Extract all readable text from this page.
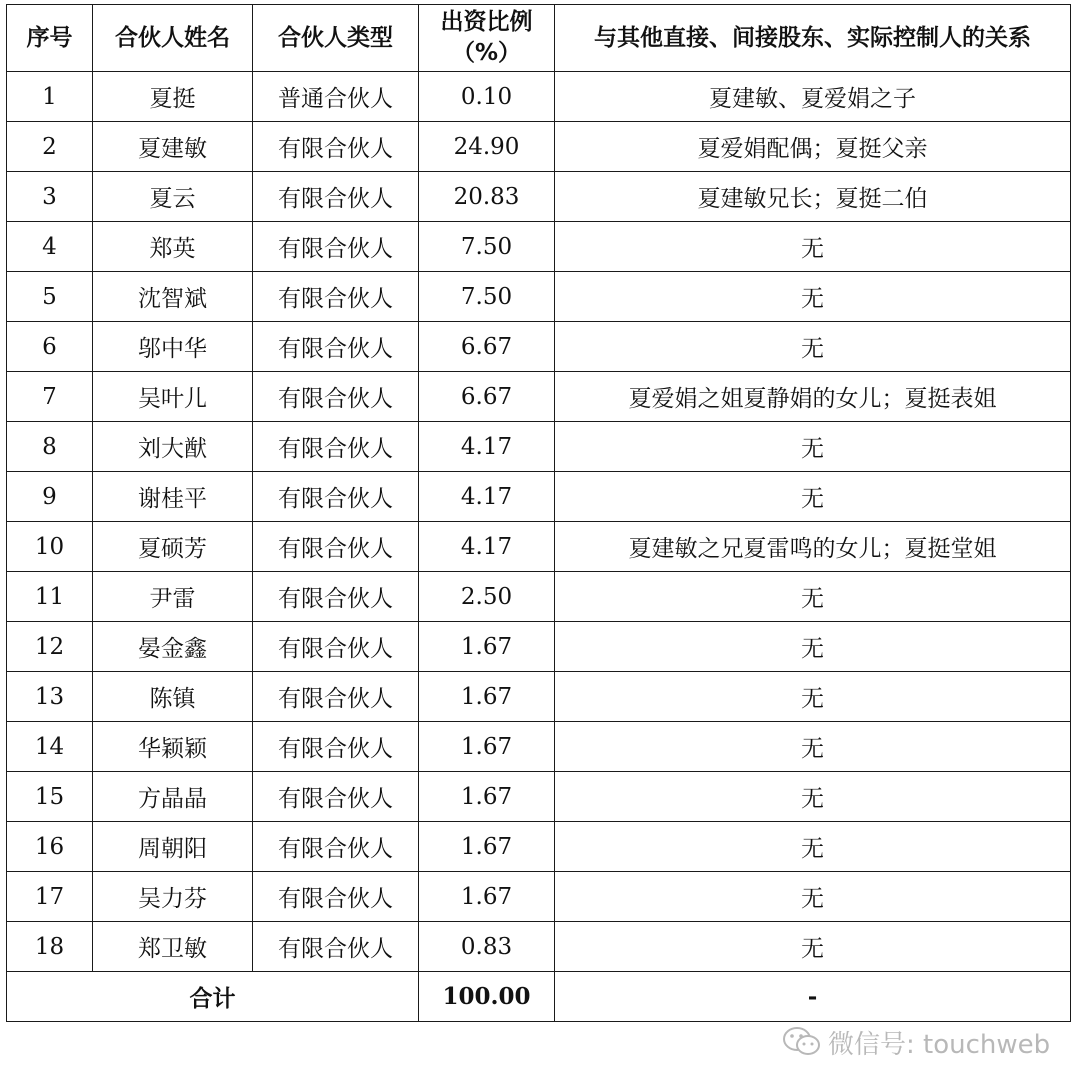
序号	合伙人姓名	合伙人类型	出资比例（%）	与其他直接、间接股东、实际控制人的关系
1	夏挺	普通合伙人	0.10	夏建敏、夏爱娟之子
2	夏建敏	有限合伙人	24.90	夏爱娟配偶；夏挺父亲
3	夏云	有限合伙人	20.83	夏建敏兄长；夏挺二伯
4	郑英	有限合伙人	7.50	无
5	沈智斌	有限合伙人	7.50	无
6	邬中华	有限合伙人	6.67	无
7	吴叶儿	有限合伙人	6.67	夏爱娟之姐夏静娟的女儿；夏挺表姐
8	刘大猷	有限合伙人	4.17	无
9	谢桂平	有限合伙人	4.17	无
10	夏硕芳	有限合伙人	4.17	夏建敏之兄夏雷鸣的女儿；夏挺堂姐
11	尹雷	有限合伙人	2.50	无
12	晏金鑫	有限合伙人	1.67	无
13	陈镇	有限合伙人	1.67	无
14	华颖颖	有限合伙人	1.67	无
15	方晶晶	有限合伙人	1.67	无
16	周朝阳	有限合伙人	1.67	无
17	吴力芬	有限合伙人	1.67	无
18	郑卫敏	有限合伙人	0.83	无
合计			100.00	-
微信号: touchweb
